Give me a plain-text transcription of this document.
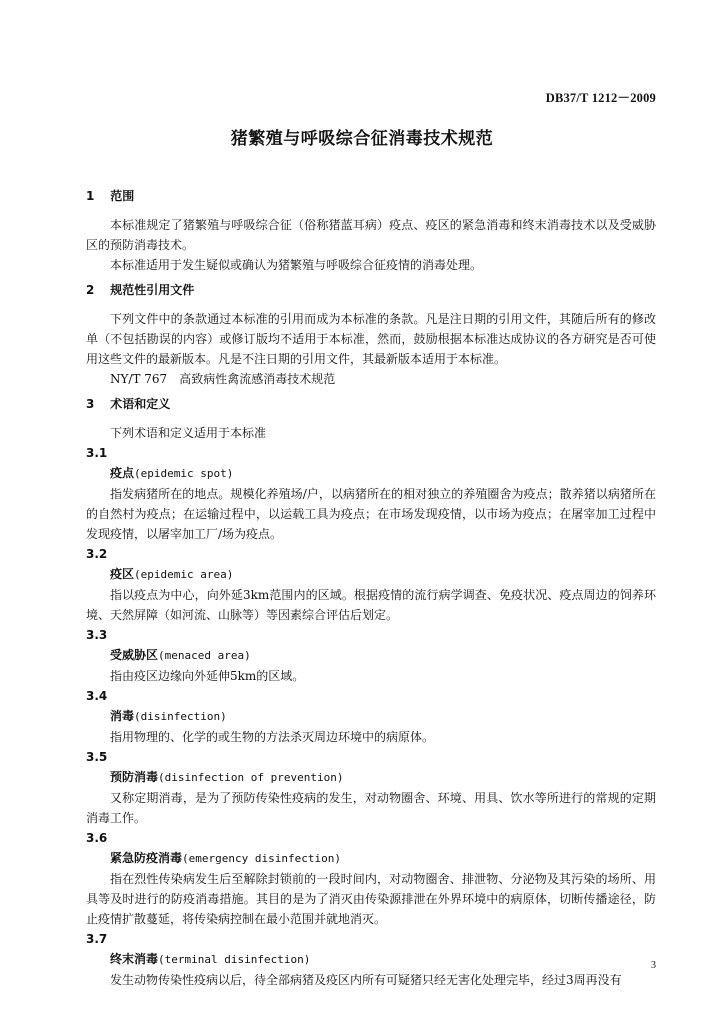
DB37/T 1212－2009
猪繁殖与呼吸综合征消毒技术规范
1 范围

本标准规定了猪繁殖与呼吸综合征（俗称猪蓝耳病）疫点、疫区的紧急消毒和终末消毒技术以及受威胁区的预防消毒技术。

本标准适用于发生疑似或确认为猪繁殖与呼吸综合征疫情的消毒处理。

2 规范性引用文件

下列文件中的条款通过本标准的引用而成为本标准的条款。凡是注日期的引用文件，其随后所有的修改单（不包括勘误的内容）或修订版均不适用于本标准，然而，鼓励根据本标准达成协议的各方研究是否可使用这些文件的最新版本。凡是不注日期的引用文件，其最新版本适用于本标准。

NY/T 767　高致病性禽流感消毒技术规范

3 术语和定义

下列术语和定义适用于本标准

3.1

疫点(epidemic spot)

指发病猪所在的地点。规模化养殖场/户，以病猪所在的相对独立的养殖圈舍为疫点；散养猪以病猪所在的自然村为疫点；在运输过程中，以运载工具为疫点；在市场发现疫情，以市场为疫点；在屠宰加工过程中发现疫情，以屠宰加工厂/场为疫点。

3.2

疫区(epidemic area)

指以疫点为中心，向外延3km范围内的区域。根据疫情的流行病学调查、免疫状况、疫点周边的饲养环境、天然屏障（如河流、山脉等）等因素综合评估后划定。

3.3

受威胁区(menaced area)

指由疫区边缘向外延伸5km的区域。

3.4

消毒(disinfection)

指用物理的、化学的或生物的方法杀灭周边环境中的病原体。

3.5

预防消毒(disinfection of prevention)

又称定期消毒，是为了预防传染性疫病的发生，对动物圈舍、环境、用具、饮水等所进行的常规的定期消毒工作。

3.6

紧急防疫消毒(emergency disinfection)

指在烈性传染病发生后至解除封锁前的一段时间内，对动物圈舍、排泄物、分泌物及其污染的场所、用具等及时进行的防疫消毒措施。其目的是为了消灭由传染源排泄在外界环境中的病原体，切断传播途径，防止疫情扩散蔓延，将传染病控制在最小范围并就地消灭。

3.7

终末消毒(terminal disinfection)

发生动物传染性疫病以后，待全部病猪及疫区内所有可疑猪只经无害化处理完毕，经过3周再没有

3
